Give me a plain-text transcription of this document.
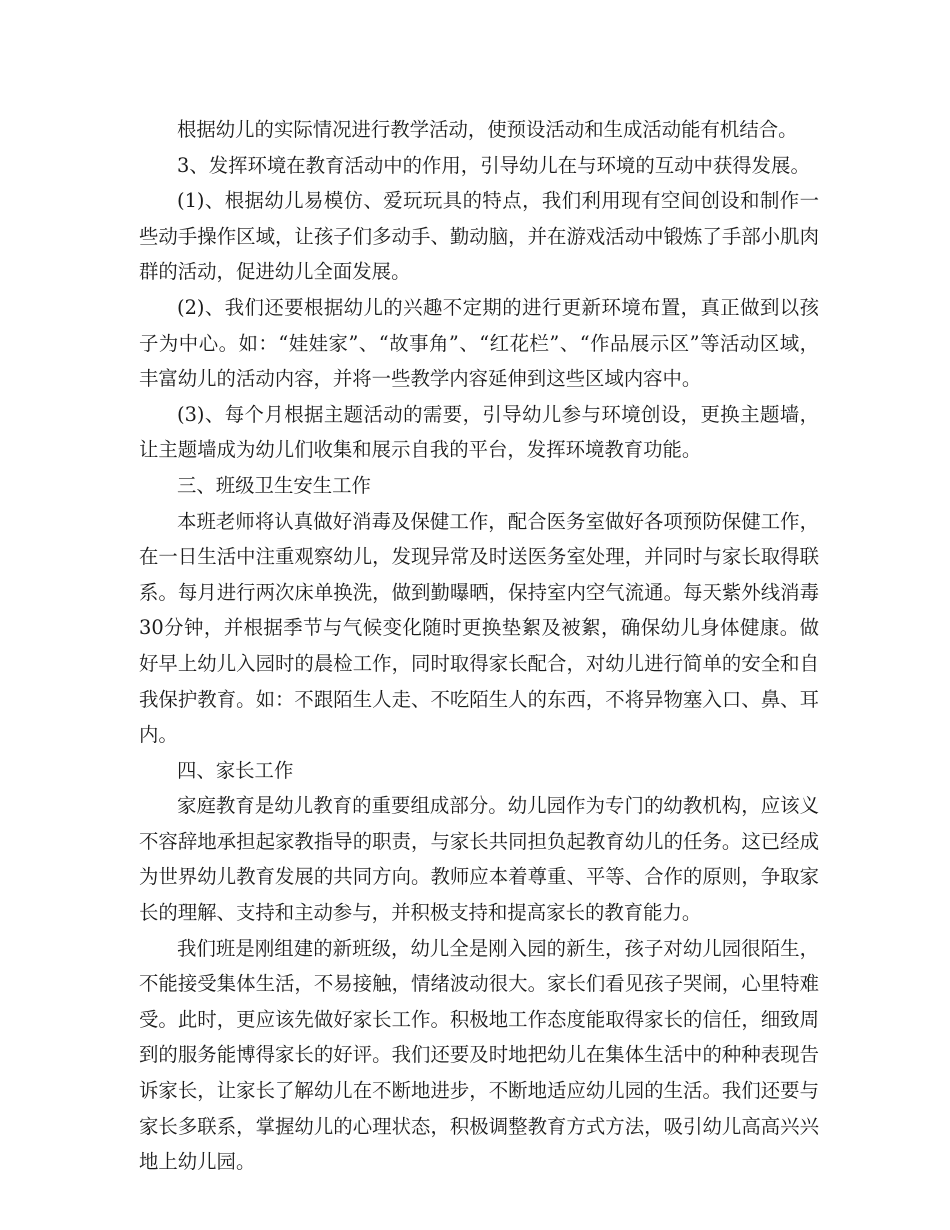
根据幼儿的实际情况进行教学活动，使预设活动和生成活动能有机结合。

3、发挥环境在教育活动中的作用，引导幼儿在与环境的互动中获得发展。

(1)、根据幼儿易模仿、爱玩玩具的特点，我们利用现有空间创设和制作一些动手操作区域，让孩子们多动手、勤动脑，并在游戏活动中锻炼了手部小肌肉群的活动，促进幼儿全面发展。

(2)、我们还要根据幼儿的兴趣不定期的进行更新环境布置，真正做到以孩子为中心。如：“娃娃家”、“故事角”、“红花栏”、“作品展示区”等活动区域，丰富幼儿的活动内容，并将一些教学内容延伸到这些区域内容中。

(3)、每个月根据主题活动的需要，引导幼儿参与环境创设，更换主题墙，让主题墙成为幼儿们收集和展示自我的平台，发挥环境教育功能。

三、班级卫生安生工作

本班老师将认真做好消毒及保健工作，配合医务室做好各项预防保健工作，在一日生活中注重观察幼儿，发现异常及时送医务室处理，并同时与家长取得联系。每月进行两次床单换洗，做到勤曝晒，保持室内空气流通。每天紫外线消毒30分钟，并根据季节与气候变化随时更换垫絮及被絮，确保幼儿身体健康。做好早上幼儿入园时的晨检工作，同时取得家长配合，对幼儿进行简单的安全和自我保护教育。如：不跟陌生人走、不吃陌生人的东西，不将异物塞入口、鼻、耳内。

四、家长工作

家庭教育是幼儿教育的重要组成部分。幼儿园作为专门的幼教机构，应该义不容辞地承担起家教指导的职责，与家长共同担负起教育幼儿的任务。这已经成为世界幼儿教育发展的共同方向。教师应本着尊重、平等、合作的原则，争取家长的理解、支持和主动参与，并积极支持和提高家长的教育能力。

我们班是刚组建的新班级，幼儿全是刚入园的新生，孩子对幼儿园很陌生，不能接受集体生活，不易接触，情绪波动很大。家长们看见孩子哭闹，心里特难受。此时，更应该先做好家长工作。积极地工作态度能取得家长的信任，细致周到的服务能博得家长的好评。我们还要及时地把幼儿在集体生活中的种种表现告诉家长，让家长了解幼儿在不断地进步，不断地适应幼儿园的生活。我们还要与家长多联系，掌握幼儿的心理状态，积极调整教育方式方法，吸引幼儿高高兴兴地上幼儿园。
